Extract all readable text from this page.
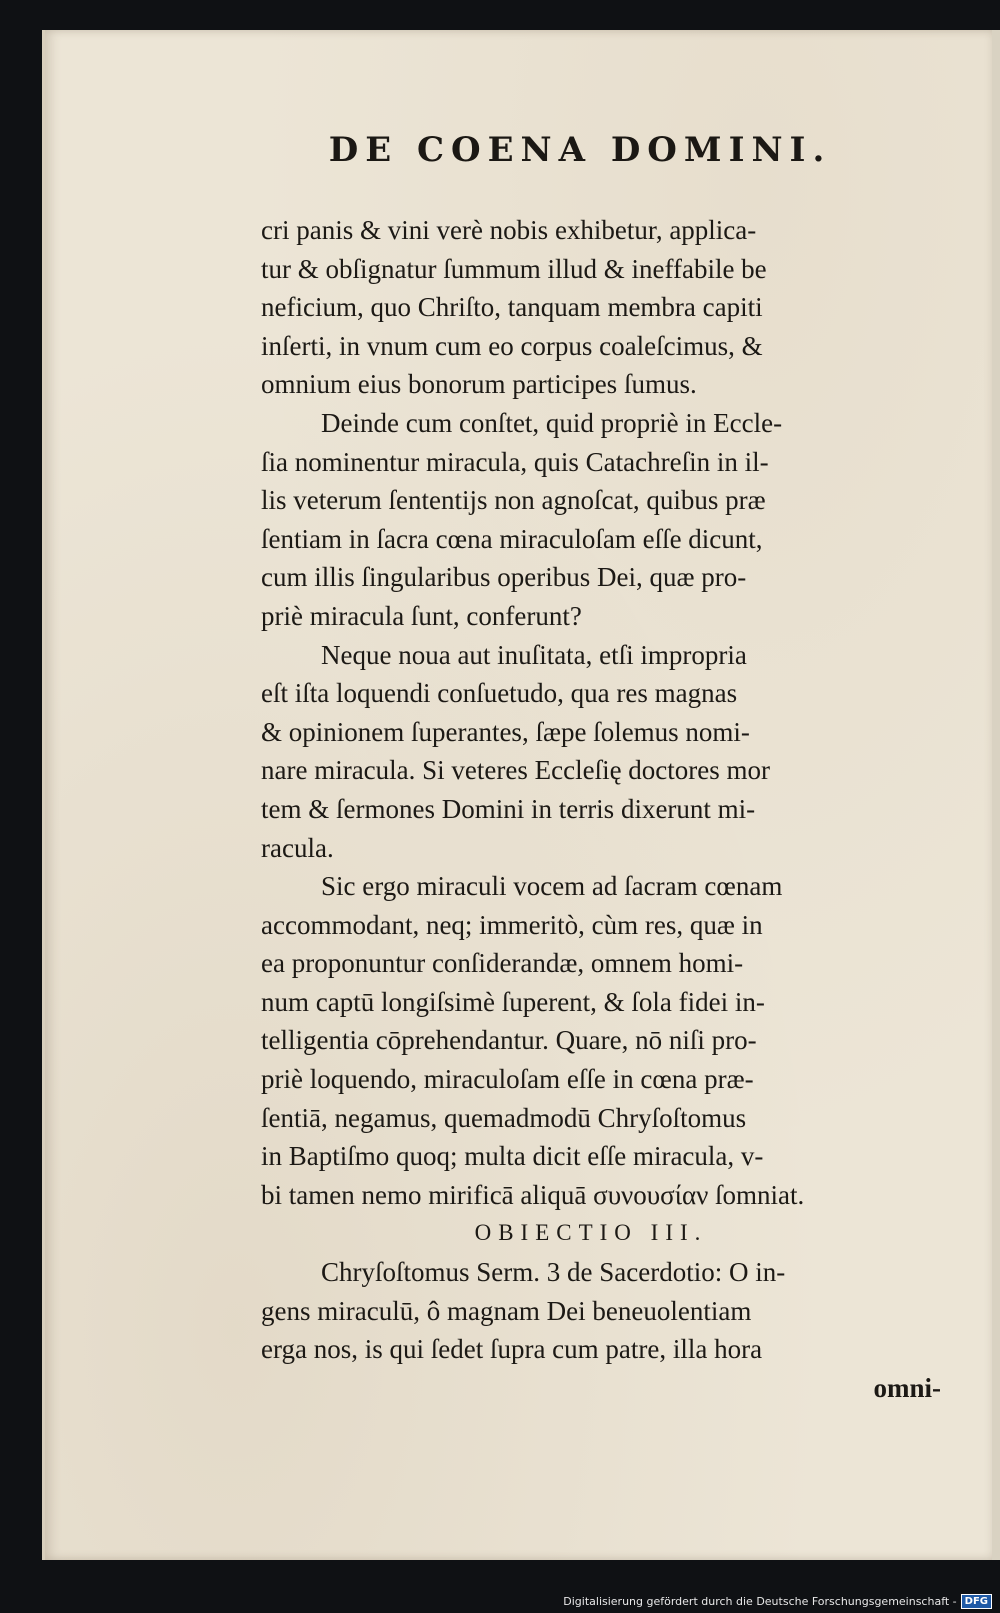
DE COENA DOMINI.
cri panis & vini verè nobis exhibetur, applica-
tur & obſignatur ſummum illud & ineffabile be
neficium, quo Chriſto, tanquam membra capiti
inſerti, in vnum cum eo corpus coaleſcimus, &
omnium eius bonorum participes ſumus.
Deinde cum conſtet, quid propriè in Eccle-
ſia nominentur miracula, quis Catachreſin in il-
lis veterum ſententijs non agnoſcat, quibus præ
ſentiam in ſacra cœna miraculoſam eſſe dicunt,
cum illis ſingularibus operibus Dei, quæ pro-
priè miracula ſunt, conferunt?
Neque noua aut inuſitata, etſi impropria
eſt iſta loquendi conſuetudo, qua res magnas
& opinionem ſuperantes, ſæpe ſolemus nomi-
nare miracula. Si veteres Eccleſię doctores mor
tem & ſermones Domini in terris dixerunt mi-
racula.
Sic ergo miraculi vocem ad ſacram cœnam
accommodant, neq; immeritò, cùm res, quæ in
ea proponuntur conſiderandæ, omnem homi-
num captū longiſsimè ſuperent, & ſola fidei in-
telligentia cōprehendantur. Quare, nō niſi pro-
priè loquendo, miraculoſam eſſe in cœna præ-
ſentiā, negamus, quemadmodū Chryſoſtomus
in Baptiſmo quoq; multa dicit eſſe miracula, v-
bi tamen nemo mirificā aliquā συνουσίαν ſomniat.
OBIECTIO III.
Chryſoſtomus Serm. 3 de Sacerdotio: O in-
gens miraculū, ô magnam Dei beneuolentiam
erga nos, is qui ſedet ſupra cum patre, illa hora
omni-
Digitalisierung gefördert durch die Deutsche Forschungsgemeinschaft - DFG
